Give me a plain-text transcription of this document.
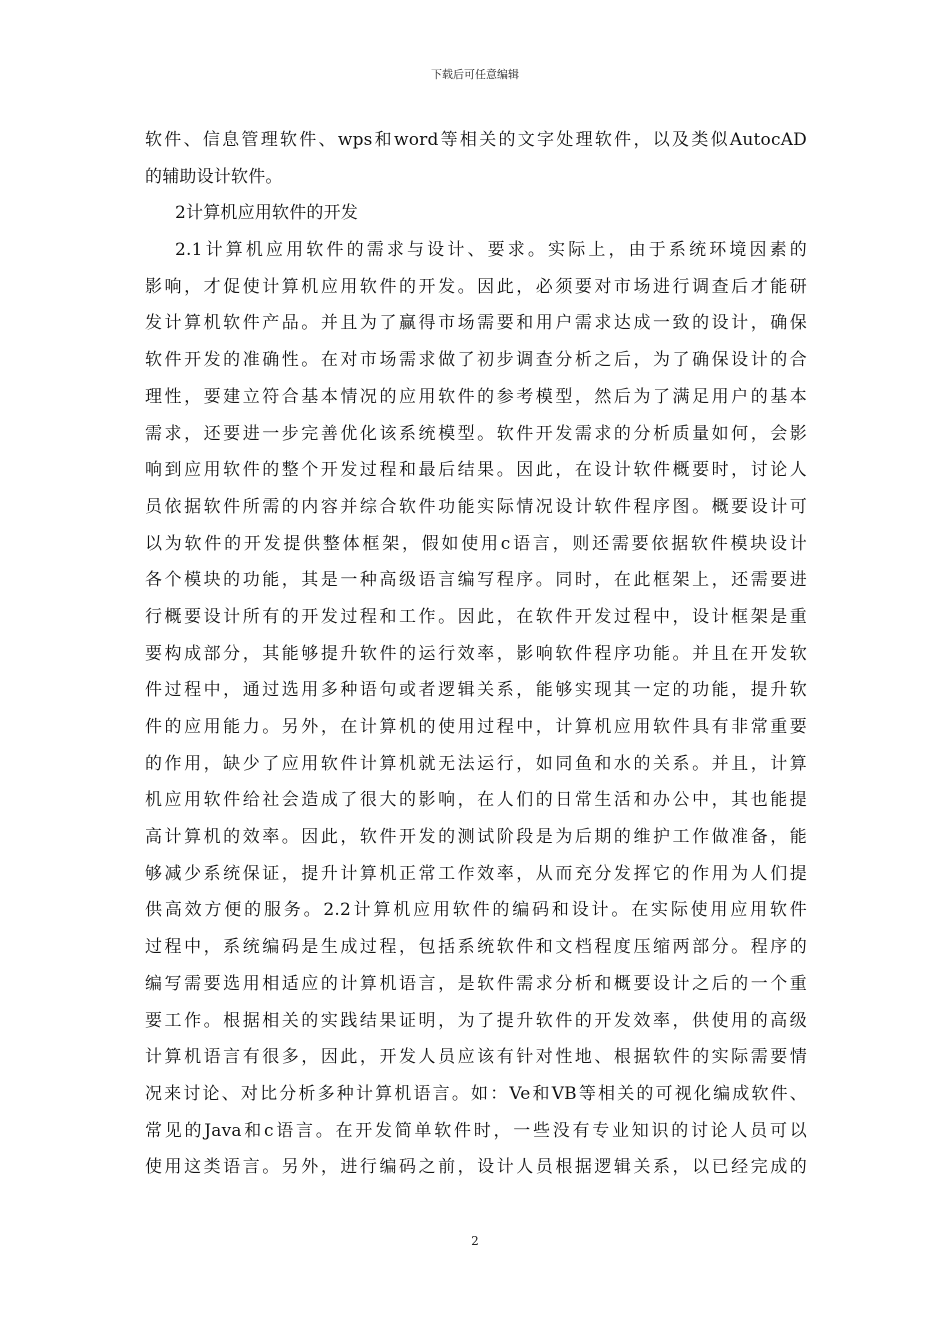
下载后可任意编辑
软件、信息管理软件、wps和word等相关的文字处理软件，以及类似AutocAD
的辅助设计软件。
2计算机应用软件的开发
2.1计算机应用软件的需求与设计、要求。实际上，由于系统环境因素的
影响，才促使计算机应用软件的开发。因此，必须要对市场进行调查后才能研
发计算机软件产品。并且为了赢得市场需要和用户需求达成一致的设计，确保
软件开发的准确性。在对市场需求做了初步调查分析之后，为了确保设计的合
理性，要建立符合基本情况的应用软件的参考模型，然后为了满足用户的基本
需求，还要进一步完善优化该系统模型。软件开发需求的分析质量如何，会影
响到应用软件的整个开发过程和最后结果。因此，在设计软件概要时，讨论人
员依据软件所需的内容并综合软件功能实际情况设计软件程序图。概要设计可
以为软件的开发提供整体框架，假如使用c语言，则还需要依据软件模块设计
各个模块的功能，其是一种高级语言编写程序。同时，在此框架上，还需要进
行概要设计所有的开发过程和工作。因此，在软件开发过程中，设计框架是重
要构成部分，其能够提升软件的运行效率，影响软件程序功能。并且在开发软
件过程中，通过选用多种语句或者逻辑关系，能够实现其一定的功能，提升软
件的应用能力。另外，在计算机的使用过程中，计算机应用软件具有非常重要
的作用，缺少了应用软件计算机就无法运行，如同鱼和水的关系。并且，计算
机应用软件给社会造成了很大的影响，在人们的日常生活和办公中，其也能提
高计算机的效率。因此，软件开发的测试阶段是为后期的维护工作做准备，能
够减少系统保证，提升计算机正常工作效率，从而充分发挥它的作用为人们提
供高效方便的服务。2.2计算机应用软件的编码和设计。在实际使用应用软件
过程中，系统编码是生成过程，包括系统软件和文档程度压缩两部分。程序的
编写需要选用相适应的计算机语言，是软件需求分析和概要设计之后的一个重
要工作。根据相关的实践结果证明，为了提升软件的开发效率，供使用的高级
计算机语言有很多，因此，开发人员应该有针对性地、根据软件的实际需要情
况来讨论、对比分析多种计算机语言。如：Ve和VB等相关的可视化编成软件、
常见的Java和c语言。在开发简单软件时，一些没有专业知识的讨论人员可以
使用这类语言。另外，进行编码之前，设计人员根据逻辑关系，以已经完成的
2
